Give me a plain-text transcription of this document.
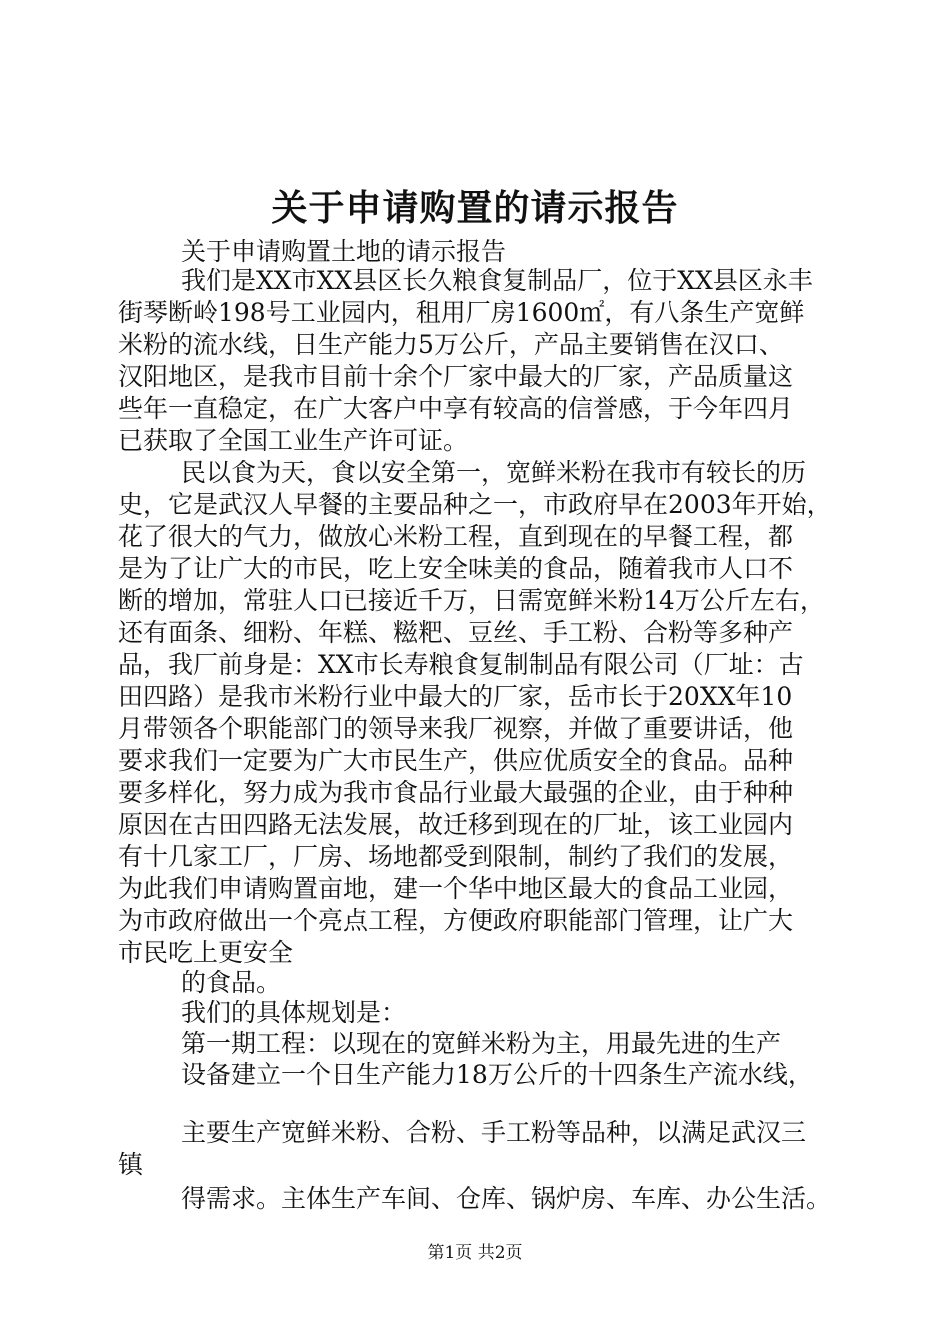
关于申请购置的请示报告
关于申请购置土地的请示报告
我们是XX市XX县区长久粮食复制品厂，位于XX县区永丰
街琴断岭198号工业园内，租用厂房1600㎡，有八条生产宽鲜
米粉的流水线，日生产能力5万公斤，产品主要销售在汉口、
汉阳地区，是我市目前十余个厂家中最大的厂家，产品质量这
些年一直稳定，在广大客户中享有较高的信誉感，于今年四月
已获取了全国工业生产许可证。
民以食为天，食以安全第一，宽鲜米粉在我市有较长的历
史，它是武汉人早餐的主要品种之一，市政府早在2003年开始，
花了很大的气力，做放心米粉工程，直到现在的早餐工程，都
是为了让广大的市民，吃上安全味美的食品，随着我市人口不
断的增加，常驻人口已接近千万，日需宽鲜米粉14万公斤左右，
还有面条、细粉、年糕、糍粑、豆丝、手工粉、合粉等多种产
品，我厂前身是：XX市长寿粮食复制制品有限公司（厂址：古
田四路）是我市米粉行业中最大的厂家，岳市长于20XX年10
月带领各个职能部门的领导来我厂视察，并做了重要讲话，他
要求我们一定要为广大市民生产，供应优质安全的食品。品种
要多样化，努力成为我市食品行业最大最强的企业，由于种种
原因在古田四路无法发展，故迁移到现在的厂址，该工业园内
有十几家工厂，厂房、场地都受到限制，制约了我们的发展，
为此我们申请购置亩地，建一个华中地区最大的食品工业园，
为市政府做出一个亮点工程，方便政府职能部门管理，让广大
市民吃上更安全
的食品。
我们的具体规划是：
第一期工程：以现在的宽鲜米粉为主，用最先进的生产
设备建立一个日生产能力18万公斤的十四条生产流水线，
主要生产宽鲜米粉、合粉、手工粉等品种，以满足武汉三
镇
得需求。主体生产车间、仓库、锅炉房、车库、办公生活。
第1页 共2页
